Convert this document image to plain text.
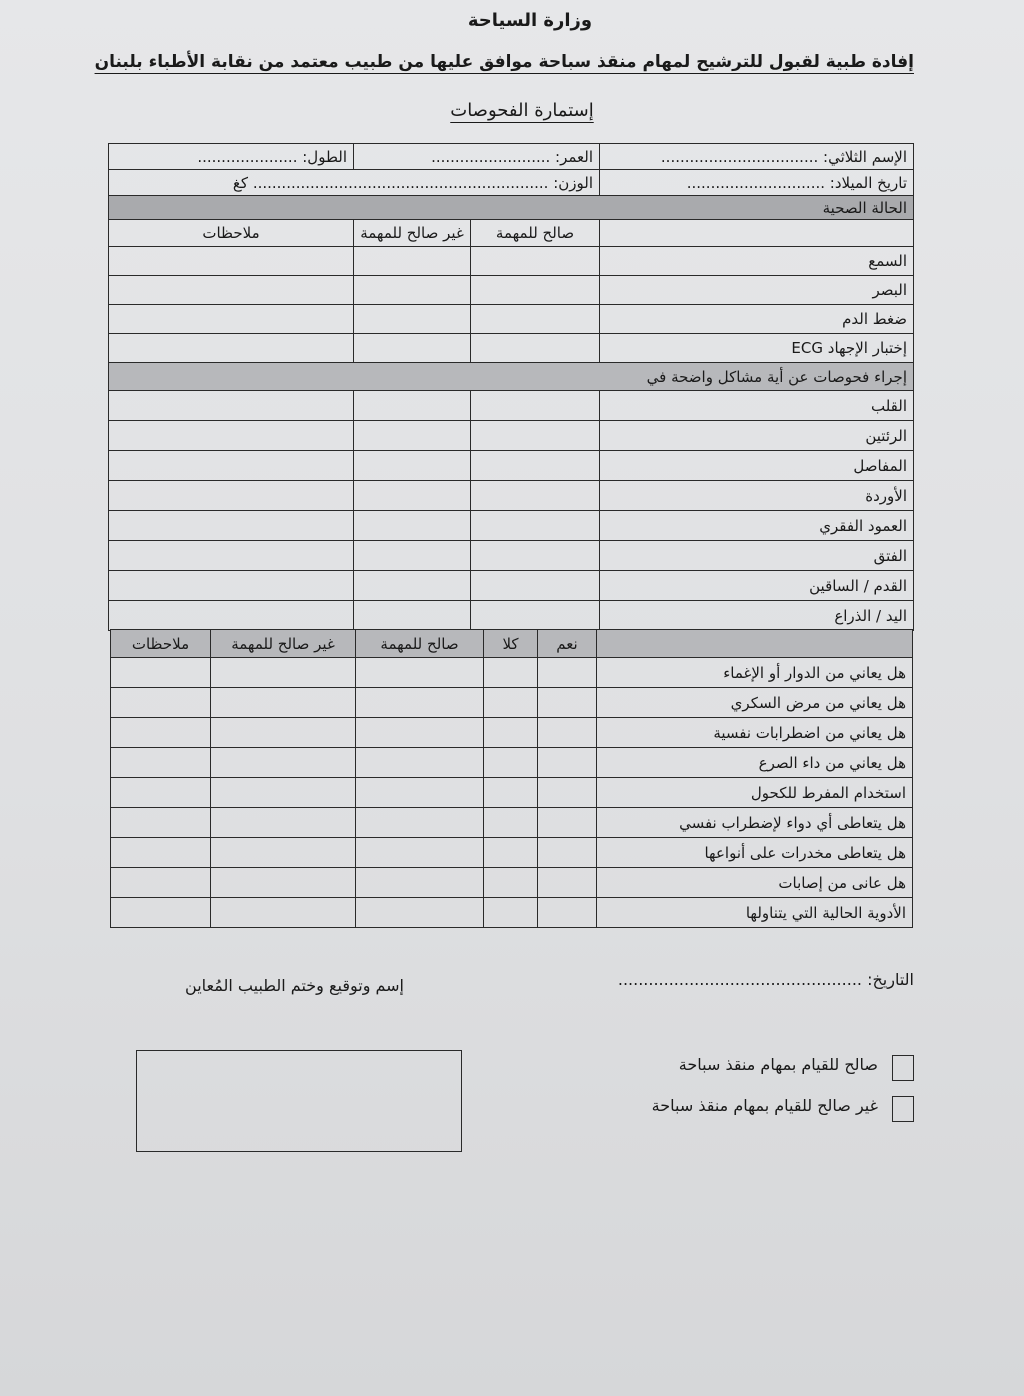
وزارة السياحة
إفادة طبية لقبول للترشيح لمهام منقذ سباحة موافق عليها من طبيب معتمد من نقابة الأطباء بلبنان
إستمارة الفحوصات
الإسم الثلاثي: .................................	العمر: .........................		الطول: .....................
تاريخ الميلاد: .............................	الوزن: .............................................................. كغ		
الحالة الصحية			
	صالح للمهمة	غير صالح للمهمة	ملاحظات
السمع			
البصر			
ضغط الدم			
إختبار الإجهاد ECG			
إجراء فحوصات عن أية مشاكل واضحة في			
القلب			
الرئتين			
المفاصل			
الأوردة			
العمود الفقري			
الفتق			
القدم / الساقين			
اليد / الذراع			
	نعم	كلا	صالح للمهمة	غير صالح للمهمة	ملاحظات
هل يعاني من الدوار أو الإغماء					
هل يعاني من مرض السكري					
هل يعاني من اضطرابات نفسية					
هل يعاني من داء الصرع					
استخدام المفرط للكحول					
هل يتعاطى أي دواء لإضطراب نفسي					
هل يتعاطى مخدرات على أنواعها					
هل عانى من إصابات					
الأدوية الحالية التي يتناولها					
التاريخ: ................................................
إسم وتوقيع وختم الطبيب المُعاين
صالح للقيام بمهام منقذ سباحة
غير صالح للقيام بمهام منقذ سباحة
